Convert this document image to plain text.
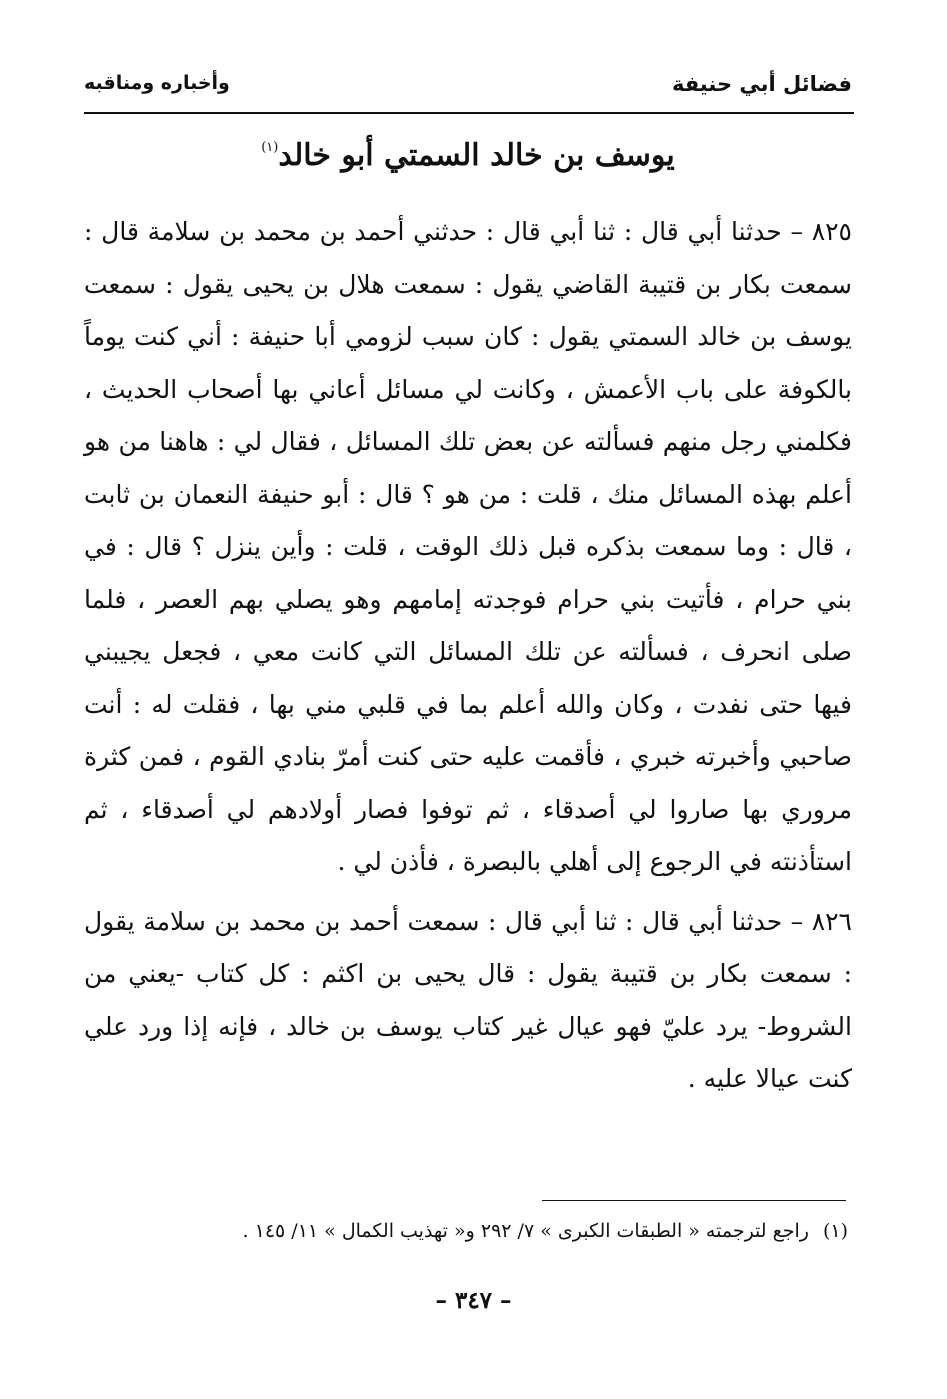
فضائل أبي حنيفة
وأخباره ومناقبه
يوسف بن خالد السمتي أبو خالد$^{(١)}$

٨٢٥ – حدثنا أبي قال : ثنا أبي قال : حدثني أحمد بن محمد بن سلامة قال : سمعت بكار بن قتيبة القاضي يقول : سمعت هلال بن يحيى يقول : سمعت يوسف بن خالد السمتي يقول : كان سبب لزومي أبا حنيفة : أني كنت يوماً بالكوفة على باب الأعمش ، وكانت لي مسائل أعاني بها أصحاب الحديث ، فكلمني رجل منهم فسألته عن بعض تلك المسائل ، فقال لي : هاهنا من هو أعلم بهذه المسائل منك ، قلت : من هو ؟ قال : أبو حنيفة النعمان بن ثابت ، قال : وما سمعت بذكره قبل ذلك الوقت ، قلت : وأين ينزل ؟ قال : في بني حرام ، فأتيت بني حرام فوجدته إمامهم وهو يصلي بهم العصر ، فلما صلى انحرف ، فسألته عن تلك المسائل التي كانت معي ، فجعل يجيبني فيها حتى نفدت ، وكان والله أعلم بما في قلبي مني بها ، فقلت له : أنت صاحبي وأخبرته خبري ، فأقمت عليه حتى كنت أمرّ بنادي القوم ، فمن كثرة مروري بها صاروا لي أصدقاء ، ثم توفوا فصار أولادهم لي أصدقاء ، ثم استأذنته في الرجوع إلى أهلي بالبصرة ، فأذن لي .

٨٢٦ – حدثنا أبي قال : ثنا أبي قال : سمعت أحمد بن محمد بن سلامة يقول : سمعت بكار بن قتيبة يقول : قال يحيى بن اكثم : كل كتاب -يعني من الشروط- يرد عليّ فهو عيال غير كتاب يوسف بن خالد ، فإنه إذا ورد علي كنت عيالا عليه .

(١)راجع لترجمته « الطبقات الكبرى » ٧/ ٢٩٢ و« تهذيب الكمال » ١١/ ١٤٥ .
– ٣٤٧ –
